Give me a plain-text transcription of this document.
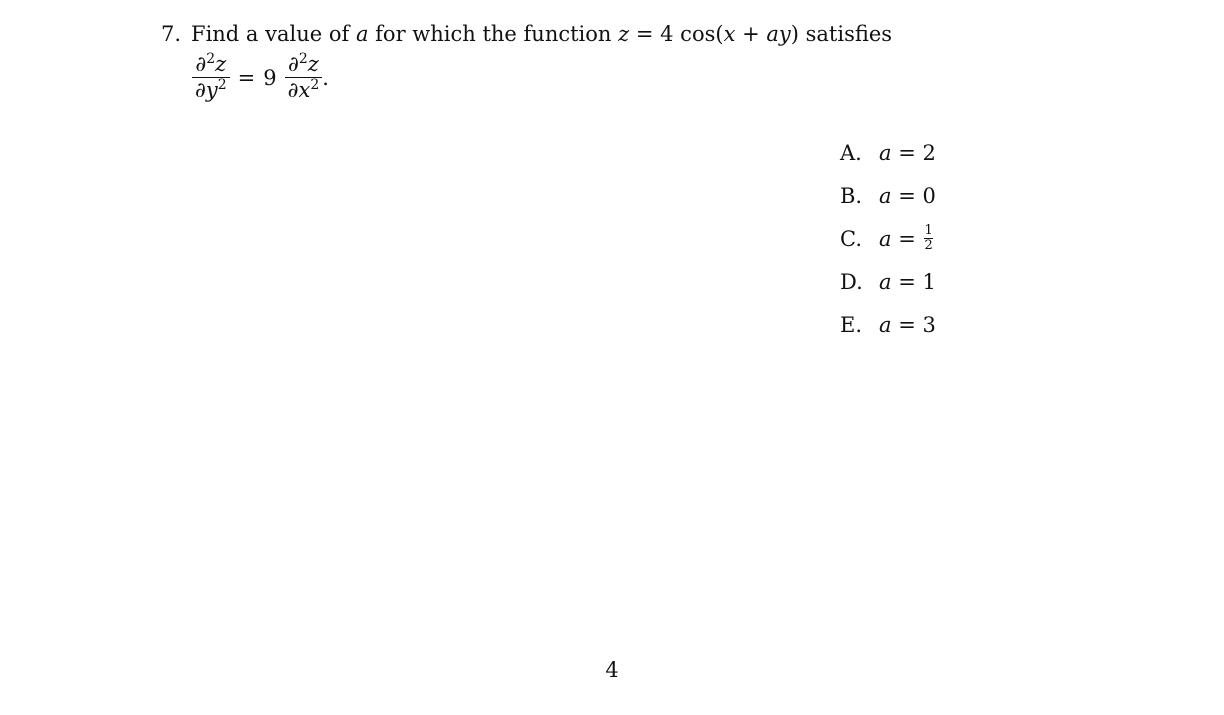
7. Find a value of a for which the function z = 4 cos(x + ay) satisfies
$\frac{\partial^2z}{\partial y^2} = 9 \frac{\partial^2z}{\partial x^2}$ .
A. a = 2
B. a = 0
C. $a = \frac{1}{2}$
D. a = 1
E. a = 3
4
